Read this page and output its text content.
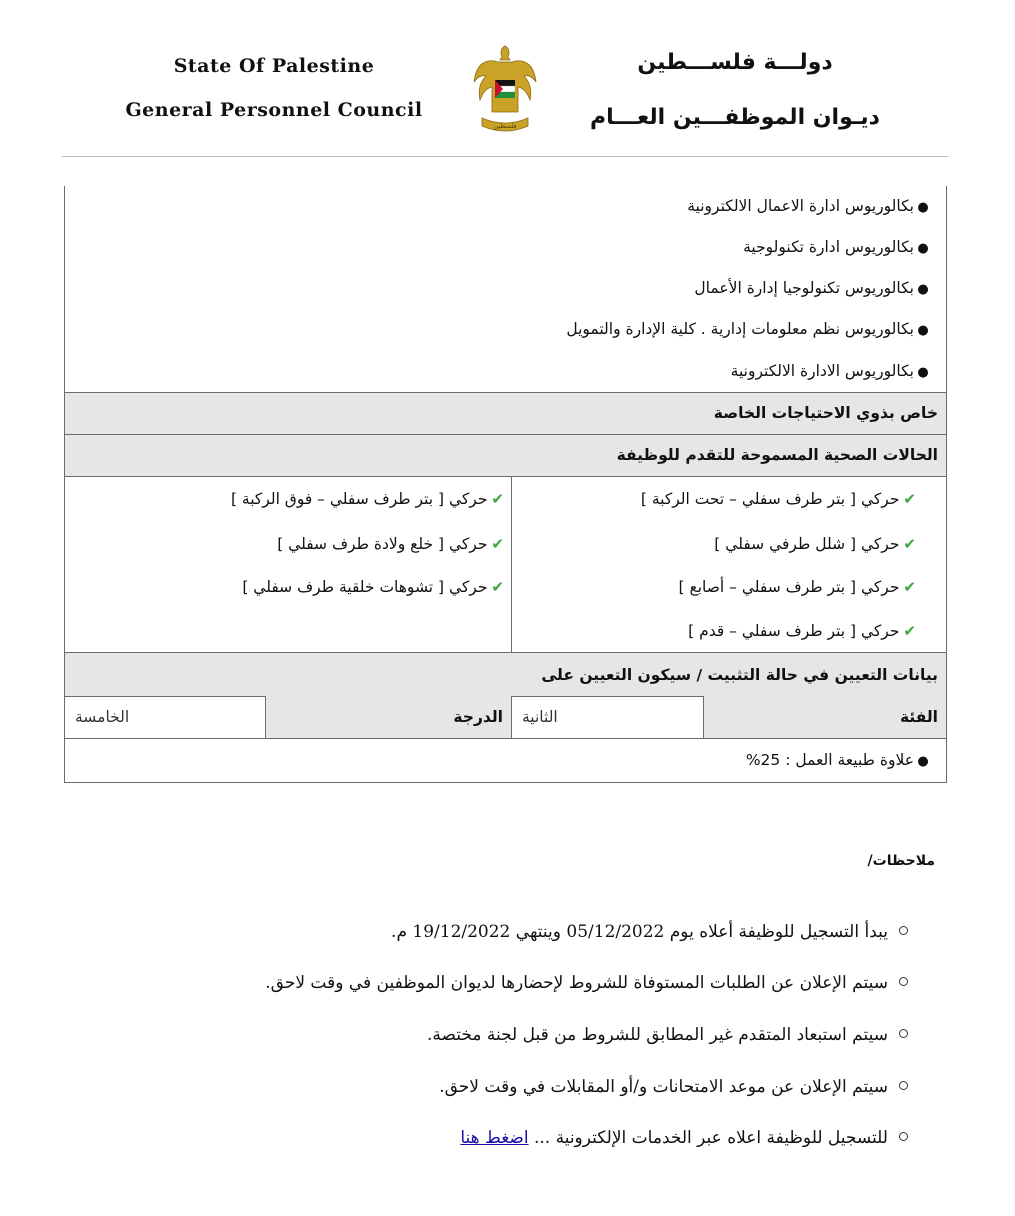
State Of Palestine
General Personnel Council
فلسطين
دولـــة فلســـطين
ديـوان الموظفـــين العـــام
●بكالوريوس ادارة الاعمال الالكترونية
●بكالوريوس ادارة تكنولوجية
●بكالوريوس تكنولوجيا إدارة الأعمال
●بكالوريوس نظم معلومات إدارية . كلية الإدارة والتمويل
●بكالوريوس الادارة الالكترونية
خاص بذوي الاحتياجات الخاصة
الحالات الصحية المسموحة للتقدم للوظيفة
✔حركي [ بتر طرف سفلي – تحت الركبة ]
✔حركي [ شلل طرفي سفلي ]
✔حركي [ بتر طرف سفلي – أصابع ]
✔حركي [ بتر طرف سفلي – قدم ]
✔حركي [ بتر طرف سفلي – فوق الركبة ]
✔حركي [ خلع ولادة طرف سفلي ]
✔حركي [ تشوهات خلقية طرف سفلي ]
بيانات التعيين في حالة التثبيت / سيكون التعيين على
الفئة
الثانية
الدرجة
الخامسة
●علاوة طبيعة العمل : 25%
ملاحظات/
يبدأ التسجيل للوظيفة أعلاه يوم 05/12/2022 وينتهي 19/12/2022 م.
سيتم الإعلان عن الطلبات المستوفاة للشروط لإحضارها لديوان الموظفين في وقت لاحق.
سيتم استبعاد المتقدم غير المطابق للشروط من قبل لجنة مختصة.
سيتم الإعلان عن موعد الامتحانات و/أو المقابلات في وقت لاحق.
للتسجيل للوظيفة اعلاه عبر الخدمات الإلكترونية ... اضغط هنا
